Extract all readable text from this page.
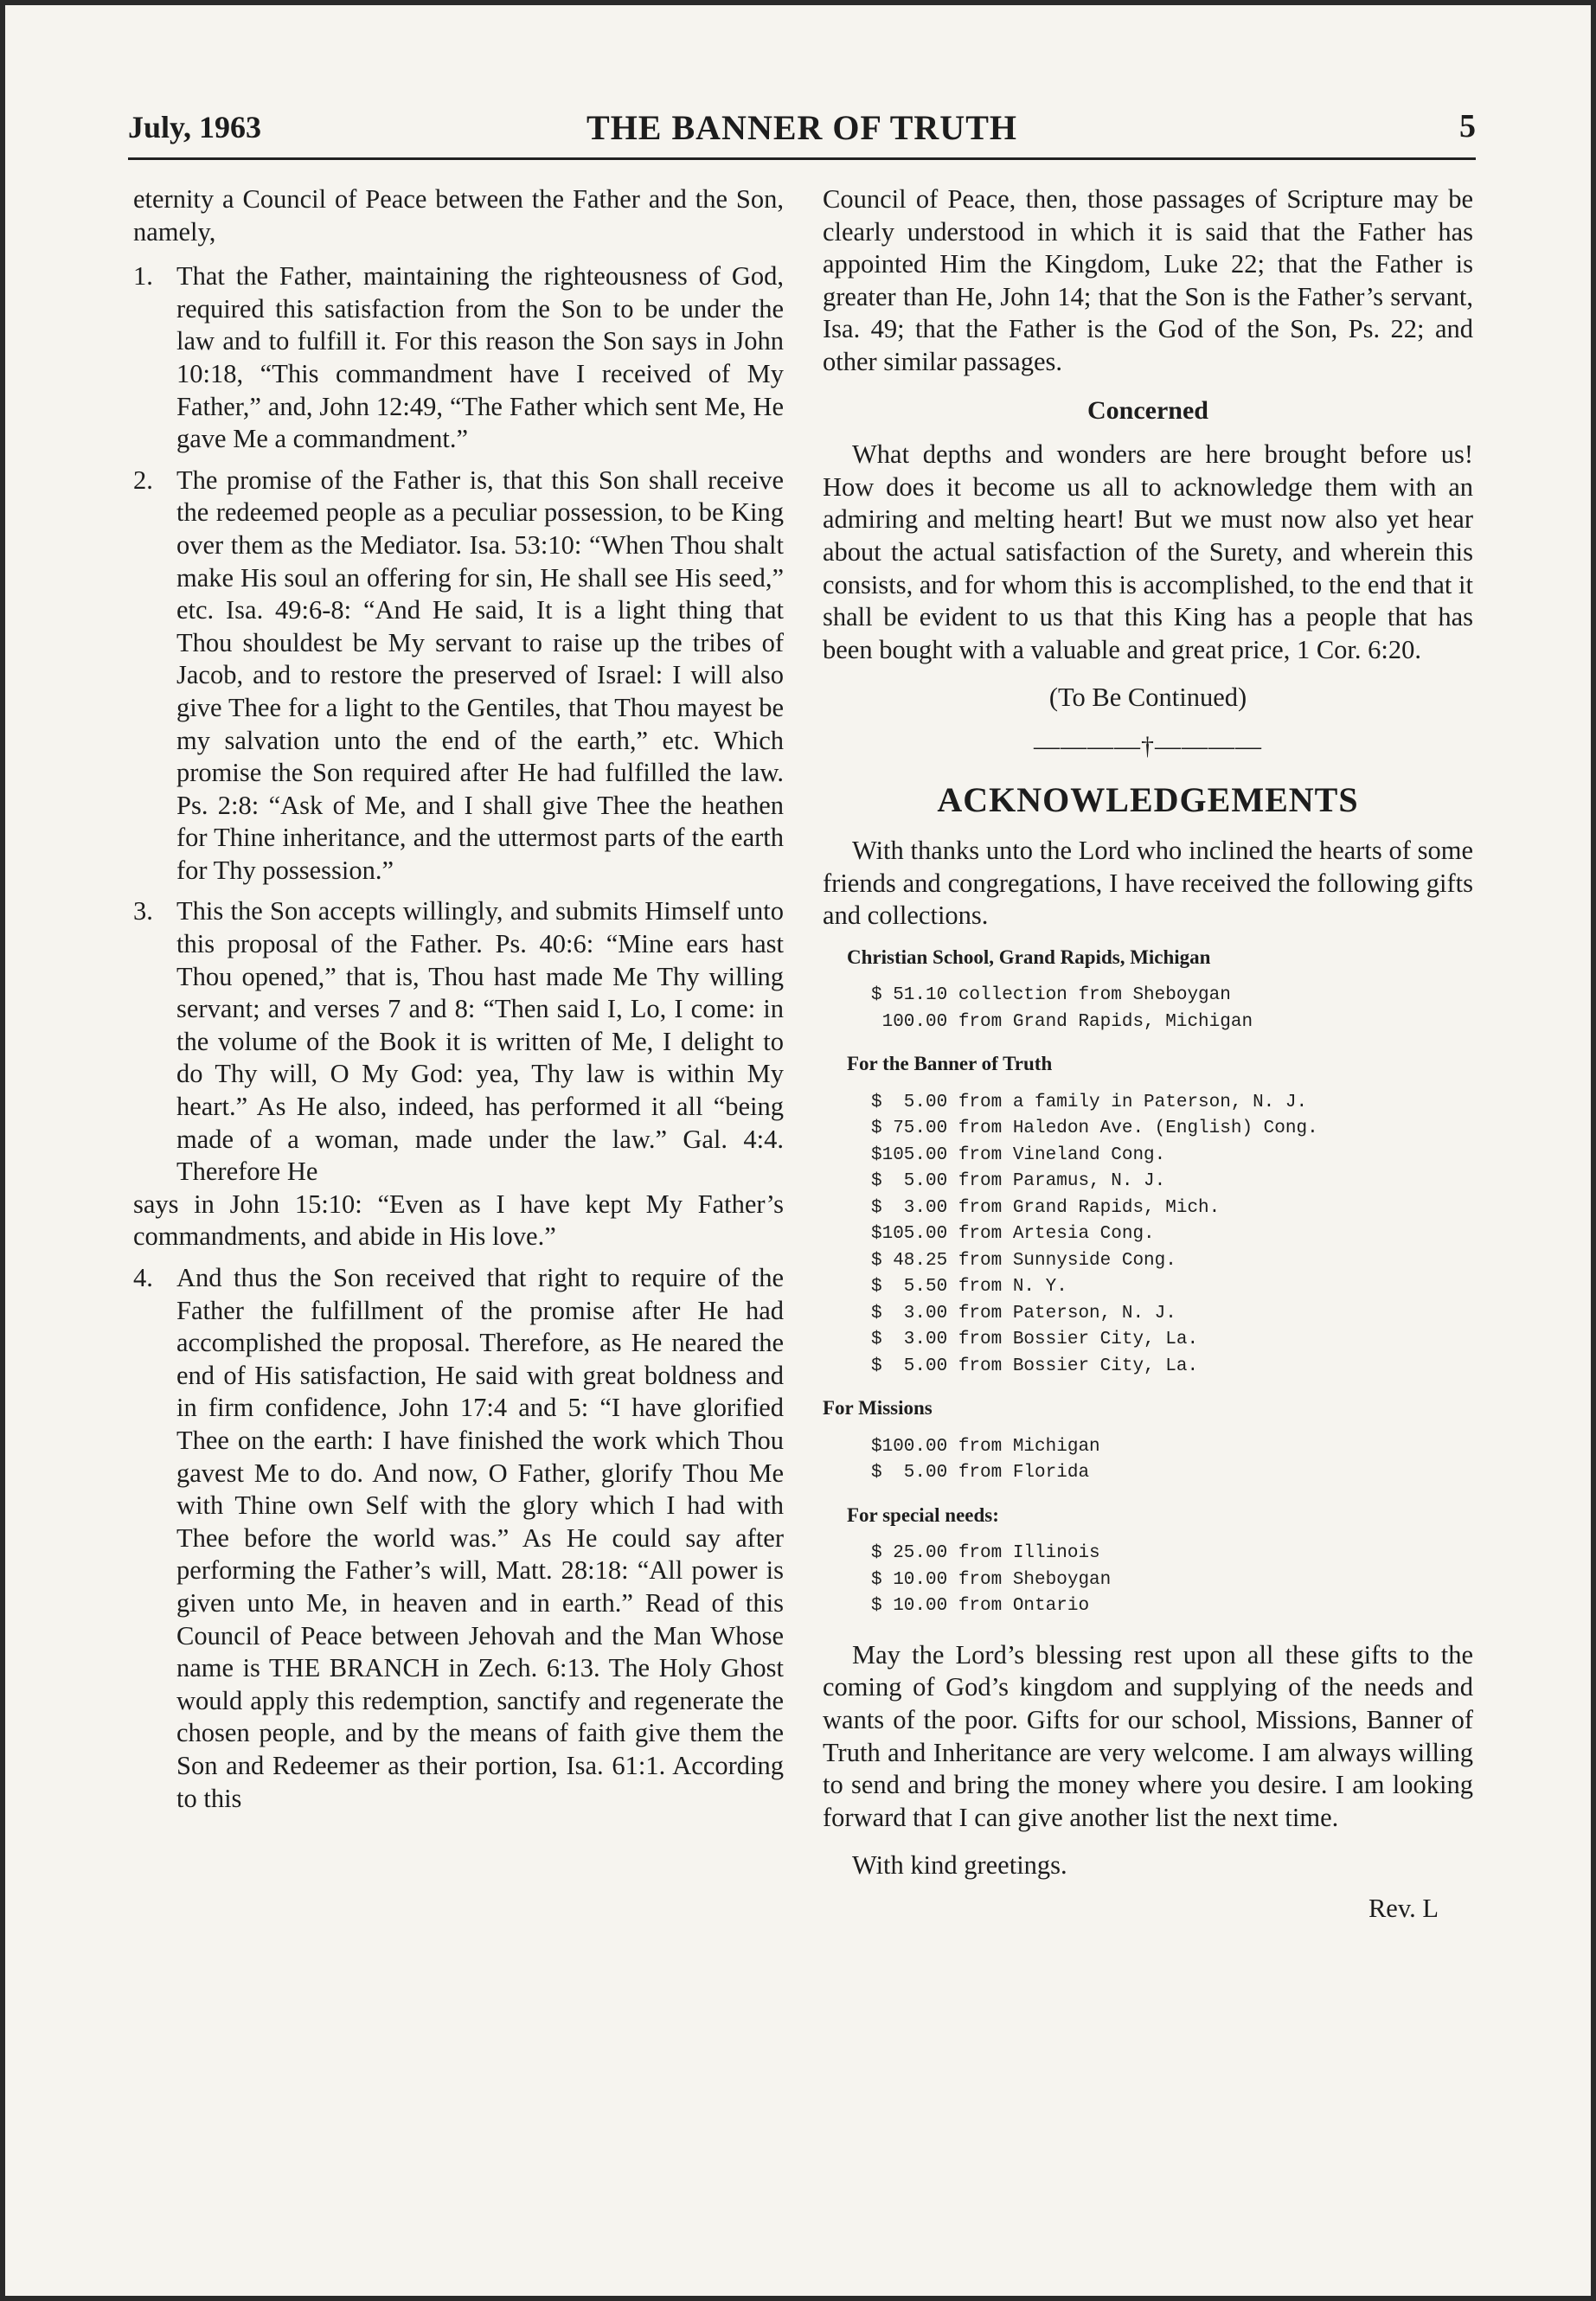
July, 1963	THE BANNER OF TRUTH	5

eternity a Council of Peace between the Father and the Son, namely,

1. That the Father, maintaining the righteousness of God, required this satisfaction from the Son to be under the law and to fulfill it. For this reason the Son says in John 10:18, “This commandment have I received of My Father,” and, John 12:49, “The Father which sent Me, He gave Me a commandment.”
2. The promise of the Father is, that this Son shall receive the redeemed people as a peculiar possession, to be King over them as the Mediator. Isa. 53:10: “When Thou shalt make His soul an offering for sin, He shall see His seed,” etc. Isa. 49:6-8: “And He said, It is a light thing that Thou shouldest be My servant to raise up the tribes of Jacob, and to restore the preserved of Israel: I will also give Thee for a light to the Gentiles, that Thou mayest be my salvation unto the end of the earth,” etc. Which promise the Son required after He had fulfilled the law. Ps. 2:8: “Ask of Me, and I shall give Thee the heathen for Thine inheritance, and the uttermost parts of the earth for Thy possession.”
3. This the Son accepts willingly, and submits Himself unto this proposal of the Father. Ps. 40:6: “Mine ears hast Thou opened,” that is, Thou hast made Me Thy willing servant; and verses 7 and 8: “Then said I, Lo, I come: in the volume of the Book it is written of Me, I delight to do Thy will, O My God: yea, Thy law is within My heart.” As He also, indeed, has performed it all “being made of a woman, made under the law.” Gal. 4:4. Therefore He
says in John 15:10: “Even as I have kept My Father’s commandments, and abide in His love.”
4. And thus the Son received that right to require of the Father the fulfillment of the promise after He had accomplished the proposal. Therefore, as He neared the end of His satisfaction, He said with great boldness and in firm confidence, John 17:4 and 5: “I have glorified Thee on the earth: I have finished the work which Thou gavest Me to do. And now, O Father, glorify Thou Me with Thine own Self with the glory which I had with Thee before the world was.” As He could say after performing the Father’s will, Matt. 28:18: “All power is given unto Me, in heaven and in earth.” Read of this Council of Peace between Jehovah and the Man Whose name is THE BRANCH in Zech. 6:13. The Holy Ghost would apply this redemption, sanctify and regenerate the chosen people, and by the means of faith give them the Son and Redeemer as their portion, Isa. 61:1. According to this

Council of Peace, then, those passages of Scripture may be clearly understood in which it is said that the Father has appointed Him the Kingdom, Luke 22; that the Father is greater than He, John 14; that the Son is the Father’s servant, Isa. 49; that the Father is the God of the Son, Ps. 22; and other similar passages.

Concerned

What depths and wonders are here brought before us! How does it become us all to acknowledge them with an admiring and melting heart! But we must now also yet hear about the actual satisfaction of the Surety, and wherein this consists, and for whom this is accomplished, to the end that it shall be evident to us that this King has a people that has been bought with a valuable and great price, 1 Cor. 6:20.

(To Be Continued)
————†————
ACKNOWLEDGEMENTS

With thanks unto the Lord who inclined the hearts of some friends and congregations, I have received the following gifts and collections.

Christian School, Grand Rapids, Michigan
$ 51.10 collection from Sheboygan
100.00 from Grand Rapids, Michigan
For the Banner of Truth
$  5.00 from a family in Paterson, N. J.
$ 75.00 from Haledon Ave. (English) Cong.
$105.00 from Vineland Cong.
$  5.00 from Paramus, N. J.
$  3.00 from Grand Rapids, Mich.
$105.00 from Artesia Cong.
$ 48.25 from Sunnyside Cong.
$  5.50 from N. Y.
$  3.00 from Paterson, N. J.
$  3.00 from Bossier City, La.
$  5.00 from Bossier City, La.
For Missions
$100.00 from Michigan
$  5.00 from Florida
For special needs:
$ 25.00 from Illinois
$ 10.00 from Sheboygan
$ 10.00 from Ontario

May the Lord’s blessing rest upon all these gifts to the coming of God’s kingdom and supplying of the needs and wants of the poor. Gifts for our school, Missions, Banner of Truth and Inheritance are very welcome. I am always willing to send and bring the money where you desire. I am looking forward that I can give another list the next time.

With kind greetings.

Rev. L
